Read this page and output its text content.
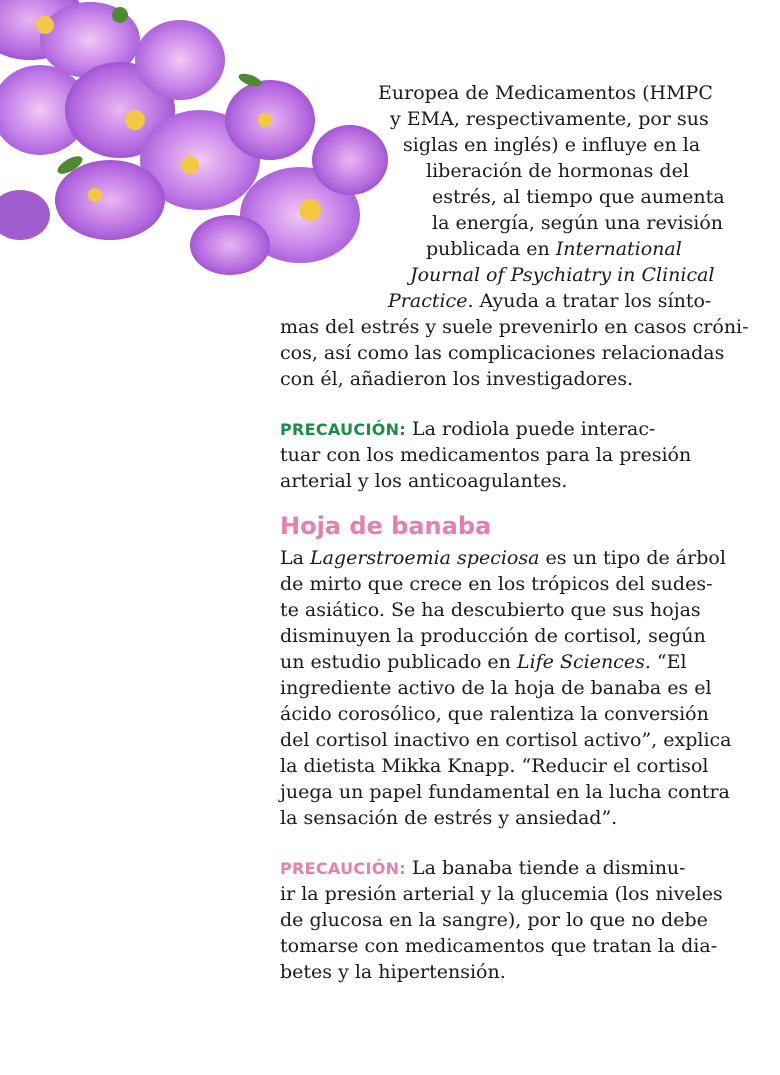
Europea de Medicamentos (HMPC
y EMA, respectivamente, por sus
siglas en inglés) e influye en la
liberación de hormonas del
estrés, al tiempo que aumenta
la energía, según una revisión
publicada en International
Journal of Psychiatry in Clinical
Practice. Ayuda a tratar los sínto-
mas del estrés y suele prevenirlo en casos cróni-
cos, así como las complicaciones relacionadas
con él, añadieron los investigadores.
PRECAUCIÓN: La rodiola puede interac-
tuar con los medicamentos para la presión
arterial y los anticoagulantes.
Hoja de banaba
La Lagerstroemia speciosa es un tipo de árbol
de mirto que crece en los trópicos del sudes-
te asiático. Se ha descubierto que sus hojas
disminuyen la producción de cortisol, según
un estudio publicado en Life Sciences. “El
ingrediente activo de la hoja de banaba es el
ácido corosólico, que ralentiza la conversión
del cortisol inactivo en cortisol activo”, explica
la dietista Mikka Knapp. “Reducir el cortisol
juega un papel fundamental en la lucha contra
la sensación de estrés y ansiedad”.
PRECAUCIÓN: La banaba tiende a disminu-
ir la presión arterial y la glucemia (los niveles
de glucosa en la sangre), por lo que no debe
tomarse con medicamentos que tratan la dia-
betes y la hipertensión.
